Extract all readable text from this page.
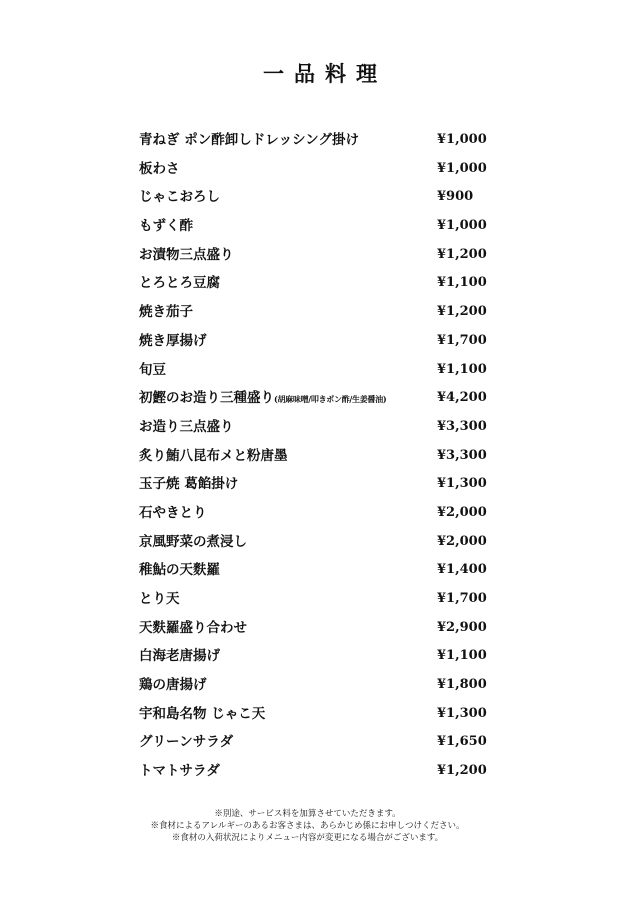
一品料理
青ねぎ ポン酢卸しドレッシング掛け	¥1,000
板わさ	¥1,000
じゃこおろし	¥900
もずく酢	¥1,000
お漬物三点盛り	¥1,200
とろとろ豆腐	¥1,100
焼き茄子	¥1,200
焼き厚揚げ	¥1,700
旬豆	¥1,100
初鰹のお造り三種盛り(胡麻味噌/叩きポン酢/生姜醤油)	¥4,200
お造り三点盛り	¥3,300
炙り鮪八昆布メと粉唐墨	¥3,300
玉子焼 葛餡掛け	¥1,300
石やきとり	¥2,000
京風野菜の煮浸し	¥2,000
稚鮎の天麩羅	¥1,400
とり天	¥1,700
天麩羅盛り合わせ	¥2,900
白海老唐揚げ	¥1,100
鶏の唐揚げ	¥1,800
宇和島名物 じゃこ天	¥1,300
グリーンサラダ	¥1,650
トマトサラダ	¥1,200
※別途、サービス料を加算させていただきます。
※食材によるアレルギーのあるお客さまは、あらかじめ係にお申しつけください。
※食材の入荷状況によりメニュー内容が変更になる場合がございます。
